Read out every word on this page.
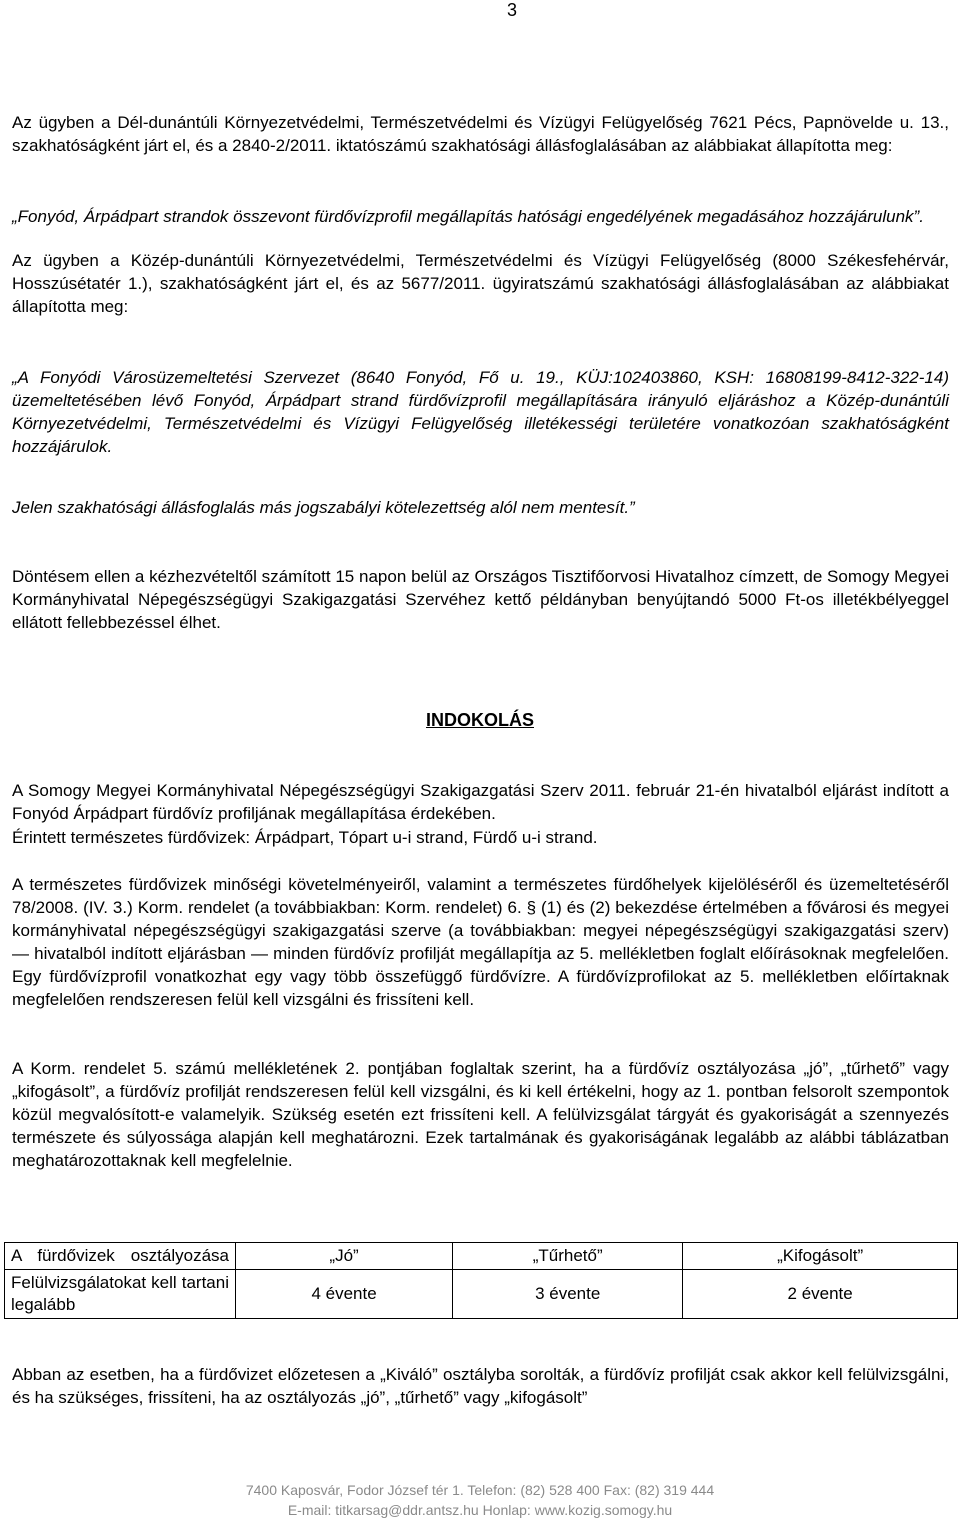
3

Az ügyben a Dél-dunántúli Környezetvédelmi, Természetvédelmi és Vízügyi Felügyelőség 7621 Pécs, Papnövelde u. 13., szakhatóságként járt el, és a 2840-2/2011. iktatószámú szakhatósági állásfoglalásában az alábbiakat állapította meg:

„Fonyód, Árpádpart strandok összevont fürdővízprofil megállapítás hatósági engedélyének megadásához hozzájárulunk”.

Az ügyben a Közép-dunántúli Környezetvédelmi, Természetvédelmi és Vízügyi Felügyelőség (8000 Székesfehérvár, Hosszúsétatér 1.), szakhatóságként járt el, és az 5677/2011. ügyiratszámú szakhatósági állásfoglalásában az alábbiakat állapította meg:

„A Fonyódi Városüzemeltetési Szervezet (8640 Fonyód, Fő u. 19., KÜJ:102403860, KSH: 16808199-8412-322-14) üzemeltetésében lévő Fonyód, Árpádpart strand fürdővízprofil megállapítására irányuló eljáráshoz a Közép-dunántúli Környezetvédelmi, Természetvédelmi és Vízügyi Felügyelőség illetékességi területére vonatkozóan szakhatóságként hozzájárulok.

Jelen szakhatósági állásfoglalás más jogszabályi kötelezettség alól nem mentesít.”

Döntésem ellen a kézhezvételtől számított 15 napon belül az Országos Tisztifőorvosi Hivatalhoz címzett, de Somogy Megyei Kormányhivatal Népegészségügyi Szakigazgatási Szervéhez kettő példányban benyújtandó 5000 Ft-os illetékbélyeggel ellátott fellebbezéssel élhet.

INDOKOLÁS

A Somogy Megyei Kormányhivatal Népegészségügyi Szakigazgatási Szerv 2011. február 21-én hivatalból eljárást indított a Fonyód Árpádpart fürdővíz profiljának megállapítása érdekében.

Érintett természetes fürdővizek: Árpádpart, Tópart u-i strand, Fürdő u-i strand.

A természetes fürdővizek minőségi követelményeiről, valamint a természetes fürdőhelyek kijelöléséről és üzemeltetéséről 78/2008. (IV. 3.) Korm. rendelet (a továbbiakban: Korm. rendelet) 6. § (1) és (2) bekezdése értelmében a fővárosi és megyei kormányhivatal népegészségügyi szakigazgatási szerve (a továbbiakban: megyei népegészségügyi szakigazgatási szerv) — hivatalból indított eljárásban — minden fürdővíz profilját megállapítja az 5. mellékletben foglalt előírásoknak megfelelően. Egy fürdővízprofil vonatkozhat egy vagy több összefüggő fürdővízre. A fürdővízprofilokat az 5. mellékletben előírtaknak megfelelően rendszeresen felül kell vizsgálni és frissíteni kell.

A Korm. rendelet 5. számú mellékletének 2. pontjában foglaltak szerint, ha a fürdővíz osztályozása „jó”, „tűrhető” vagy „kifogásolt”, a fürdővíz profilját rendszeresen felül kell vizsgálni, és ki kell értékelni, hogy az 1. pontban felsorolt szempontok közül megvalósított-e valamelyik. Szükség esetén ezt frissíteni kell. A felülvizsgálat tárgyát és gyakoriságát a szennyezés természete és súlyossága alapján kell meghatározni. Ezek tartalmának és gyakoriságának legalább az alábbi táblázatban meghatározottaknak kell megfelelnie.

A fürdővizek osztályozása	„Jó”	„Tűrhető”	„Kifogásolt”
Felülvizsgálatokat kell tartani legalább	4 évente	3 évente	2 évente

Abban az esetben, ha a fürdővizet előzetesen a „Kiváló” osztályba sorolták, a fürdővíz profilját csak akkor kell felülvizsgálni, és ha szükséges, frissíteni, ha az osztályozás „jó”, „tűrhető” vagy „kifogásolt”

7400 Kaposvár, Fodor József tér 1. Telefon: (82) 528 400 Fax: (82) 319 444
E-mail: titkarsag@ddr.antsz.hu Honlap: www.kozig.somogy.hu
